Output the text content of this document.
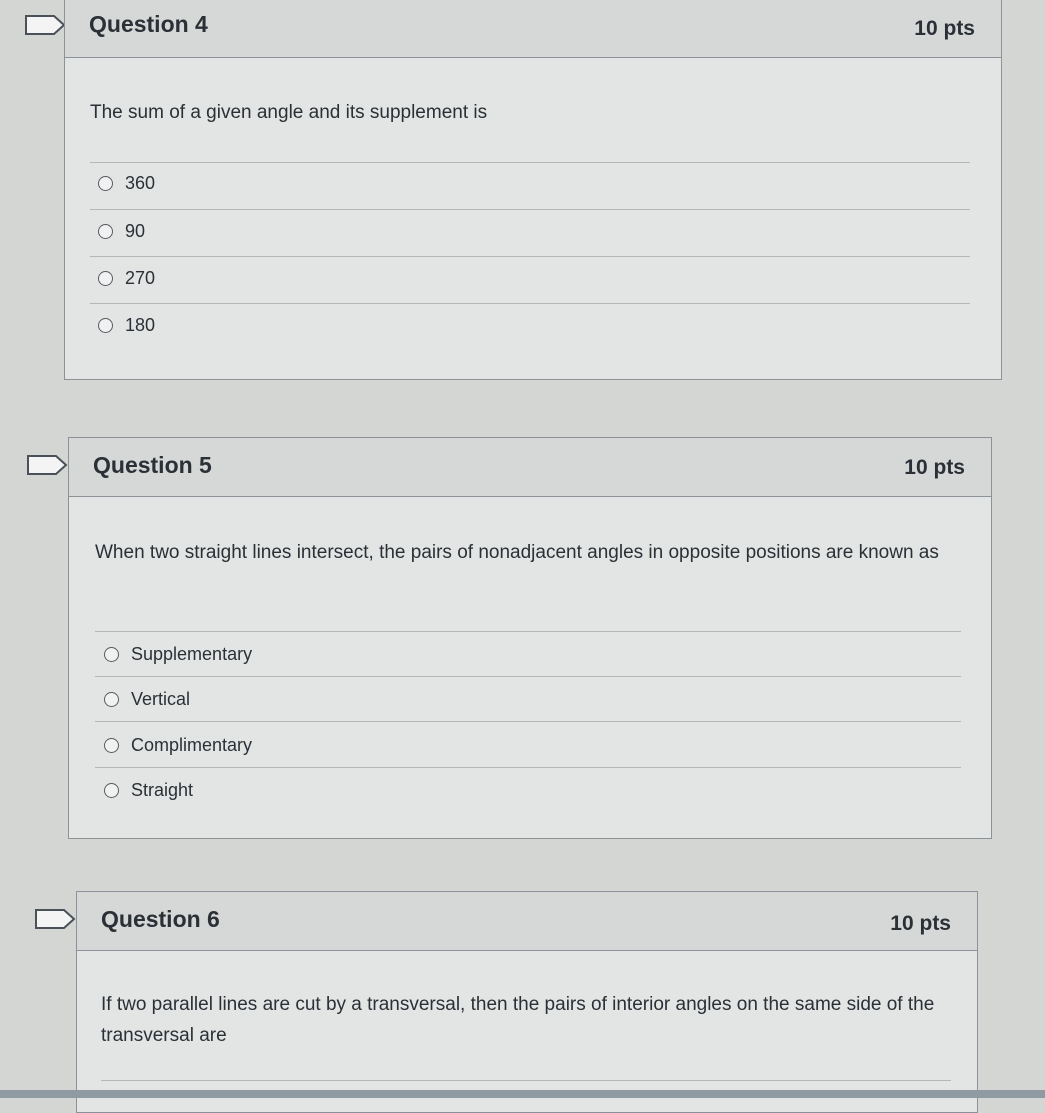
Question 4	10 pts
The sum of a given angle and its supplement is
360
90
270
180
Question 5	10 pts
When two straight lines intersect, the pairs of nonadjacent angles in opposite positions are known as
Supplementary
Vertical
Complimentary
Straight
Question 6	10 pts
If two parallel lines are cut by a transversal, then the pairs of interior angles on the same side of the transversal are
